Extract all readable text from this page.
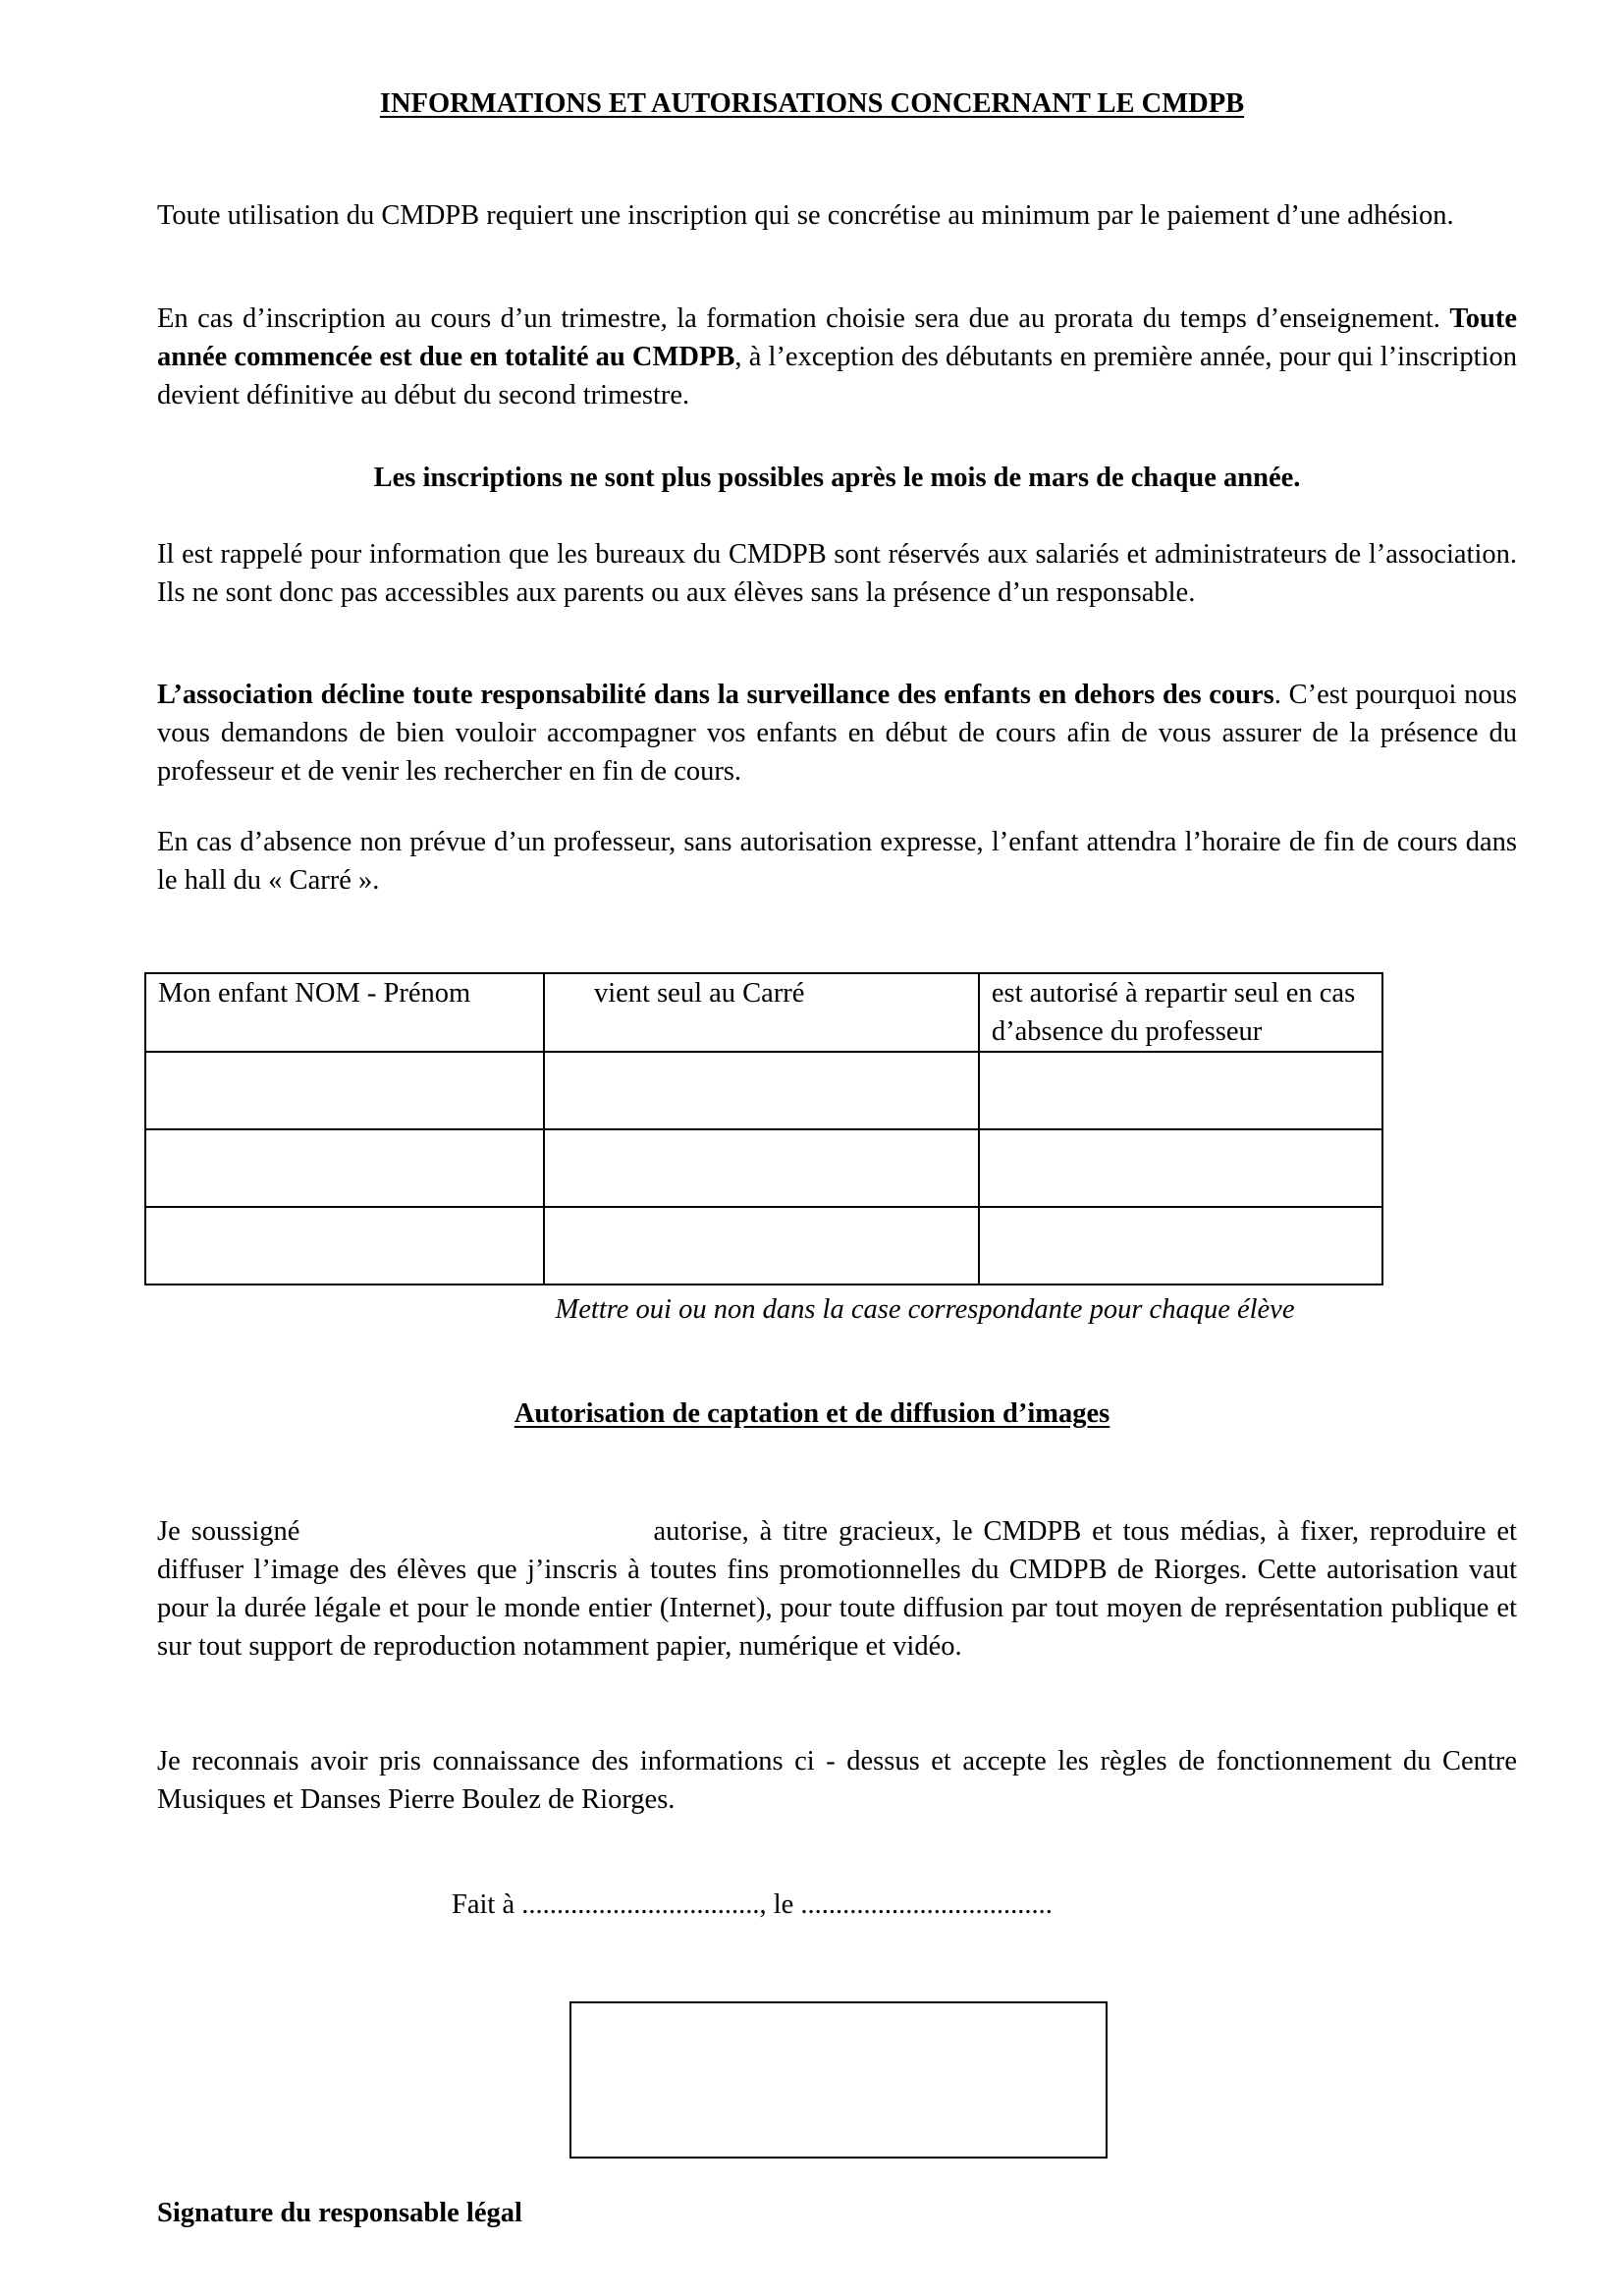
INFORMATIONS ET AUTORISATIONS CONCERNANT LE CMDPB

Toute utilisation du CMDPB requiert une inscription qui se concrétise au minimum par le paiement d’une adhésion.

En cas d’inscription au cours d’un trimestre, la formation choisie sera due au prorata du temps d’enseignement. Toute année commencée est due en totalité au CMDPB, à l’exception des débutants en première année, pour qui l’inscription devient définitive au début du second trimestre.

Les inscriptions ne sont plus possibles après le mois de mars de chaque année.

Il est rappelé pour information que les bureaux du CMDPB sont réservés aux salariés et administrateurs de l’association. Ils ne sont donc pas accessibles aux parents ou aux élèves sans la présence d’un responsable.

L’association décline toute responsabilité dans la surveillance des enfants en dehors des cours. C’est pourquoi nous vous demandons de bien vouloir accompagner vos enfants en début de cours afin de vous assurer de la présence du professeur et de venir les rechercher en fin de cours.

En cas d’absence non prévue d’un professeur, sans autorisation expresse, l’enfant attendra l’horaire de fin de cours dans le hall du « Carré ».

Mon enfant NOM - Prénom	vient seul au Carré	est autorisé à repartir seul en cas d’absence du professeur

Mettre oui ou non dans la case correspondante pour chaque élève
Autorisation de captation et de diffusion d’images

Je soussigné	autorise, à titre gracieux, le CMDPB et tous médias, à fixer, reproduire et diffuser l’image des élèves que j’inscris à toutes fins promotionnelles du CMDPB de Riorges. Cette autorisation vaut pour la durée légale et pour le monde entier (Internet), pour toute diffusion par tout moyen de représentation publique et sur tout support de reproduction notamment papier, numérique et vidéo.

Je reconnais avoir pris connaissance des informations ci - dessus et accepte les règles de fonctionnement du Centre Musiques et Danses Pierre Boulez de Riorges.

Fait à .................................., le ....................................
Signature du responsable légal
